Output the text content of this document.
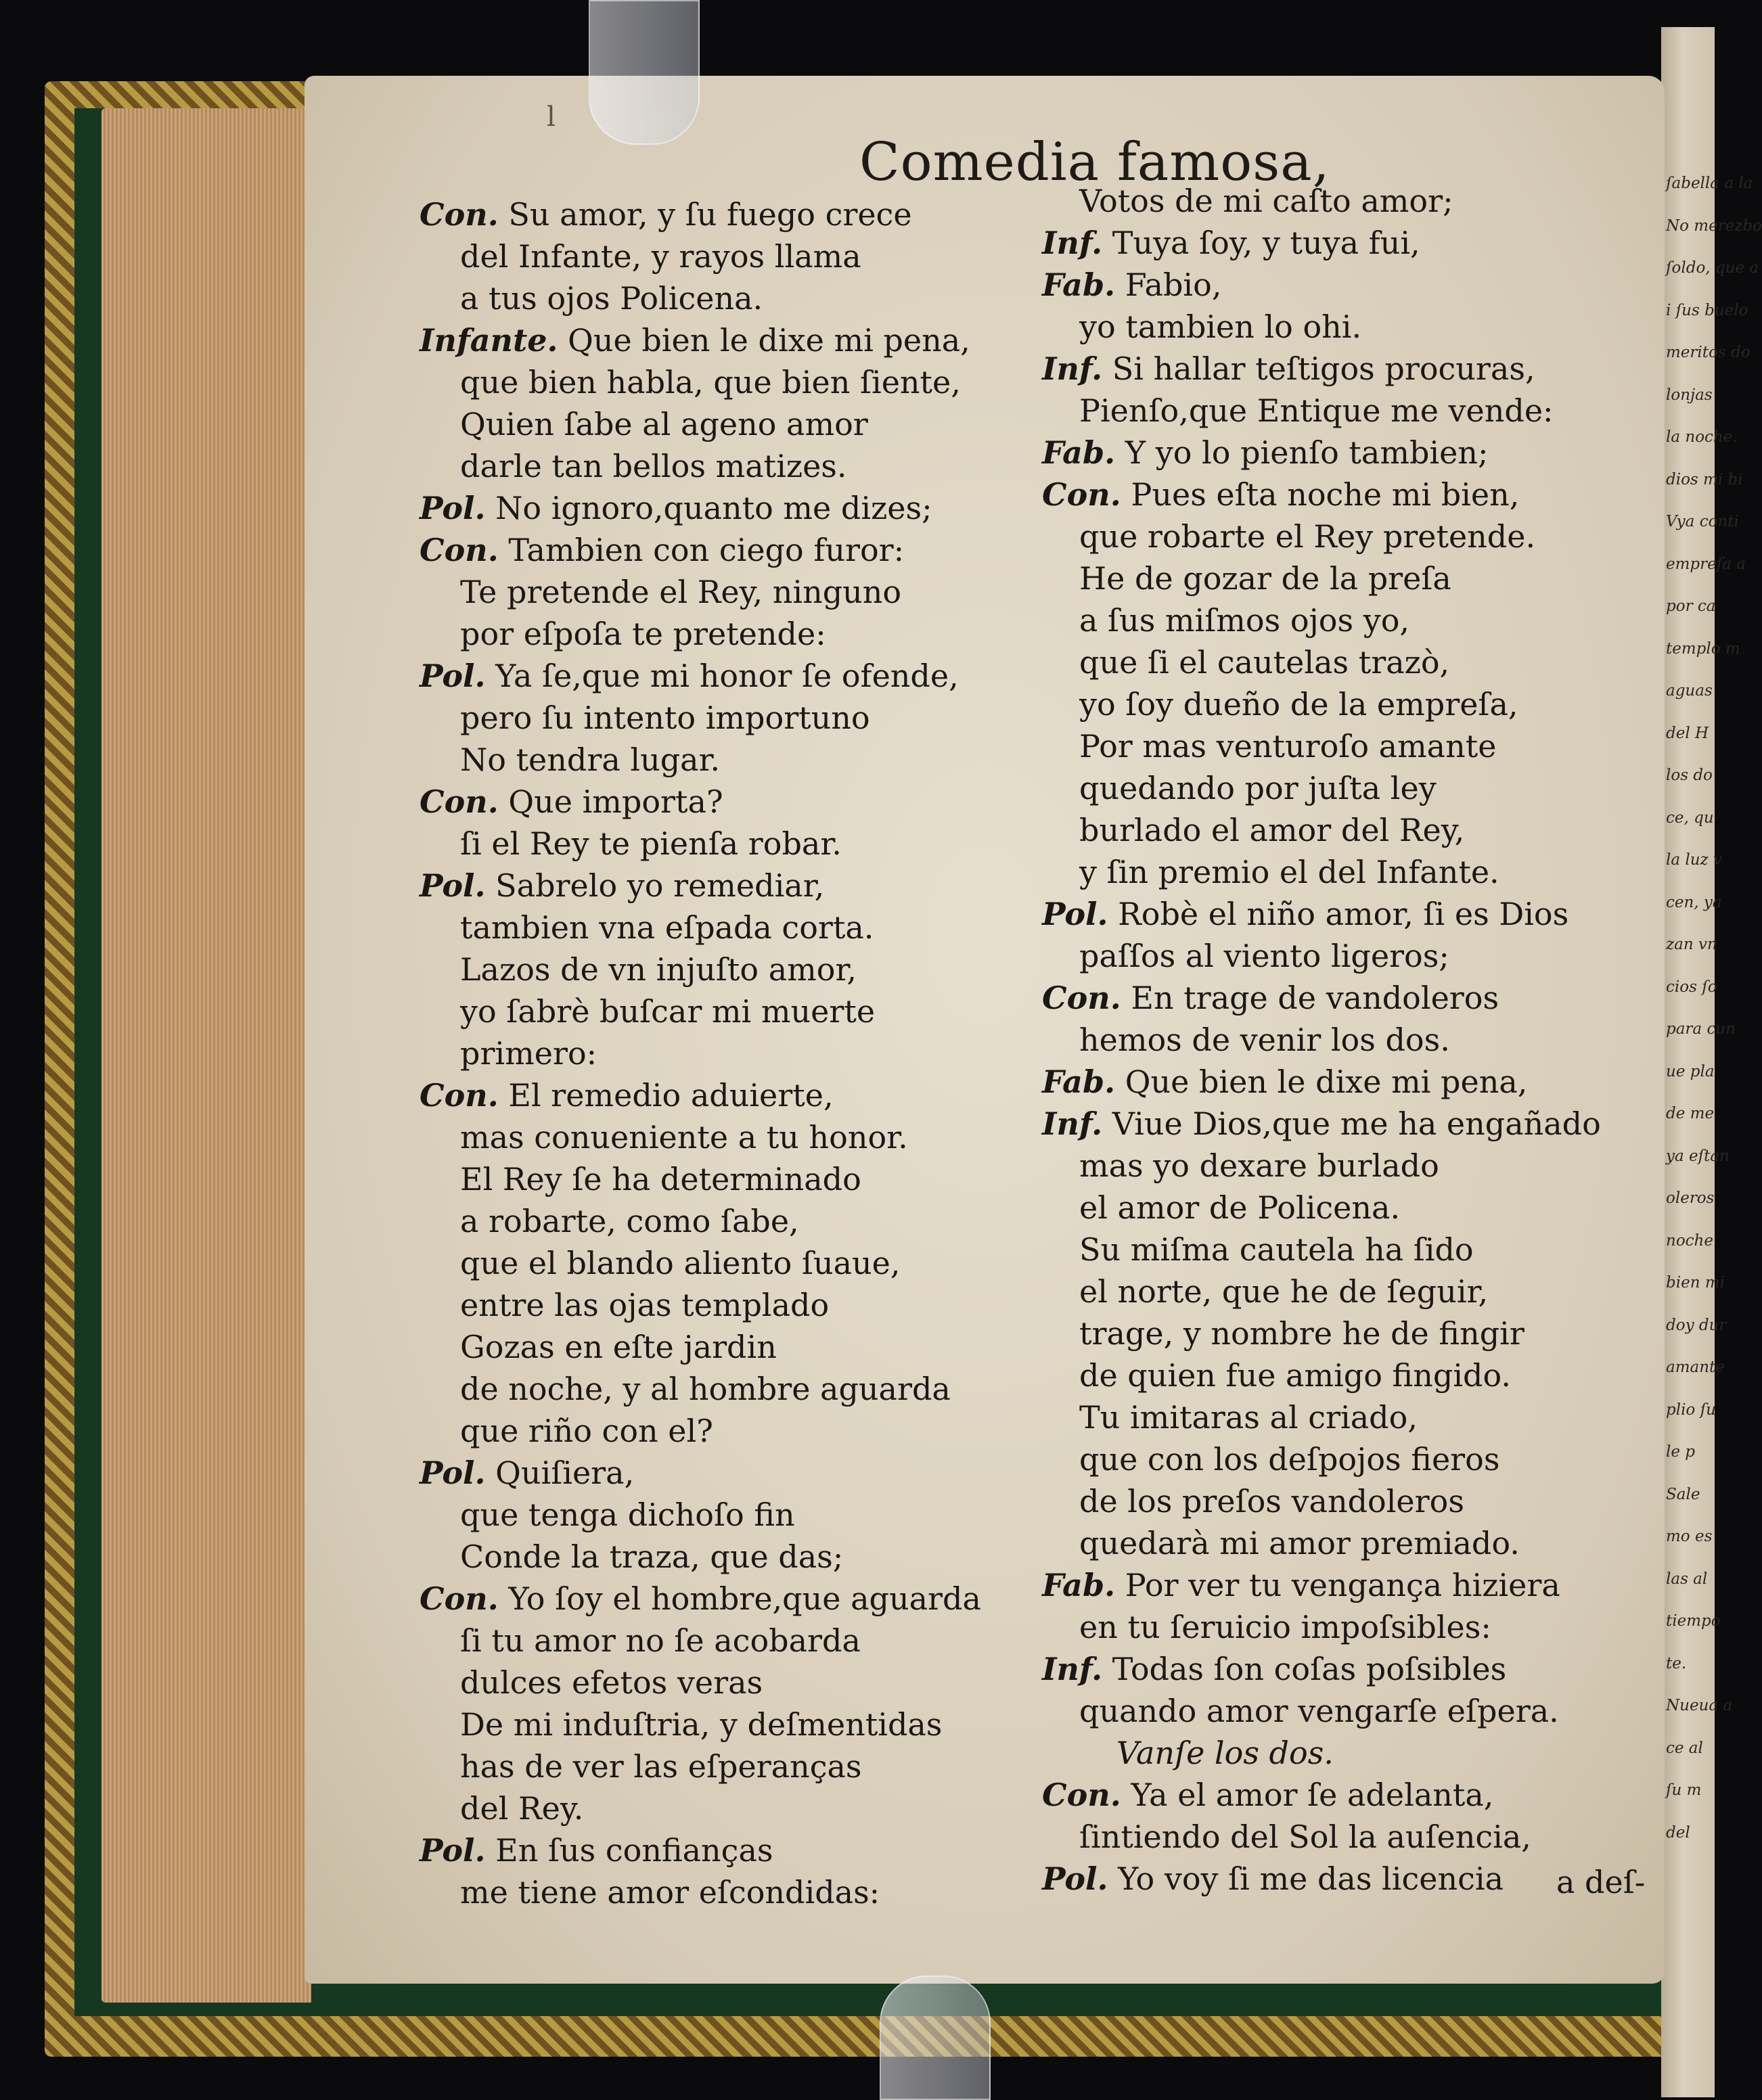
ſabella a la
No merezbo
ſoldo, que a
i ſus buelo
meritos do
lonjas
la noche.
dios mi bi
Vya conti
empreſa a
por ca
templo m
aguas
del H
los do
ce, qu
la luz v
cen, ya
zan vn
cios ſo
para cun
ue pla
de me
ya eſtan
oleros
noche
bien mi
doy dur
amante
plio ſu
le p
Sale
mo es
las al
tiempo
te.
Nueua a
ce al
ſu m
del
l
Comedia famosa,
Con. Su amor, y ſu fuego crece
del Infante, y rayos llama
a tus ojos Policena.
Infante. Que bien le dixe mi pena,
que bien habla, que bien ſiente,
Quien ſabe al ageno amor
darle tan bellos matizes.
Pol. No ignoro,quanto me dizes;
Con. Tambien con ciego furor:
Te pretende el Rey, ninguno
por eſpoſa te pretende:
Pol. Ya ſe,que mi honor ſe ofende,
pero ſu intento importuno
No tendra lugar.
Con. Que importa?
ſi el Rey te pienſa robar.
Pol. Sabrelo yo remediar,
tambien vna eſpada corta.
Lazos de vn injuſto amor,
yo ſabrè buſcar mi muerte
primero:
Con. El remedio aduierte,
mas conueniente a tu honor.
El Rey ſe ha determinado
a robarte, como ſabe,
que el blando aliento ſuaue,
entre las ojas templado
Gozas en eſte jardin
de noche, y al hombre aguarda
que riño con el?
Pol. Quiſiera,
que tenga dichoſo fin
Conde la traza, que das;
Con. Yo ſoy el hombre,que aguarda
ſi tu amor no ſe acobarda
dulces efetos veras
De mi induſtria, y deſmentidas
has de ver las eſperanças
del Rey.
Pol. En ſus confianças
me tiene amor eſcondidas:
Votos de mi caſto amor;
Inf. Tuya ſoy, y tuya fui,
Fab. Fabio,
yo tambien lo ohi.
Inf. Si hallar teſtigos procuras,
Pienſo,que Entique me vende:
Fab. Y yo lo pienſo tambien;
Con. Pues eſta noche mi bien,
que robarte el Rey pretende.
He de gozar de la preſa
a ſus miſmos ojos yo,
que ſi el cautelas trazò,
yo ſoy dueño de la empreſa,
Por mas venturoſo amante
quedando por juſta ley
burlado el amor del Rey,
y ſin premio el del Infante.
Pol. Robè el niño amor, ſi es Dios
paſſos al viento ligeros;
Con. En trage de vandoleros
hemos de venir los dos.
Fab. Que bien le dixe mi pena,
Inf. Viue Dios,que me ha engañado
mas yo dexare burlado
el amor de Policena.
Su miſma cautela ha ſido
el norte, que he de ſeguir,
trage, y nombre he de fingir
de quien fue amigo fingido.
Tu imitaras al criado,
que con los deſpojos fieros
de los preſos vandoleros
quedarà mi amor premiado.
Fab. Por ver tu vengança hiziera
en tu ſeruicio impoſsibles:
Inf. Todas ſon coſas poſsibles
quando amor vengarſe eſpera.
Vanſe los dos.
Con. Ya el amor ſe adelanta,
ſintiendo del Sol la auſencia,
Pol. Yo voy ſi me das licencia a deſ-
